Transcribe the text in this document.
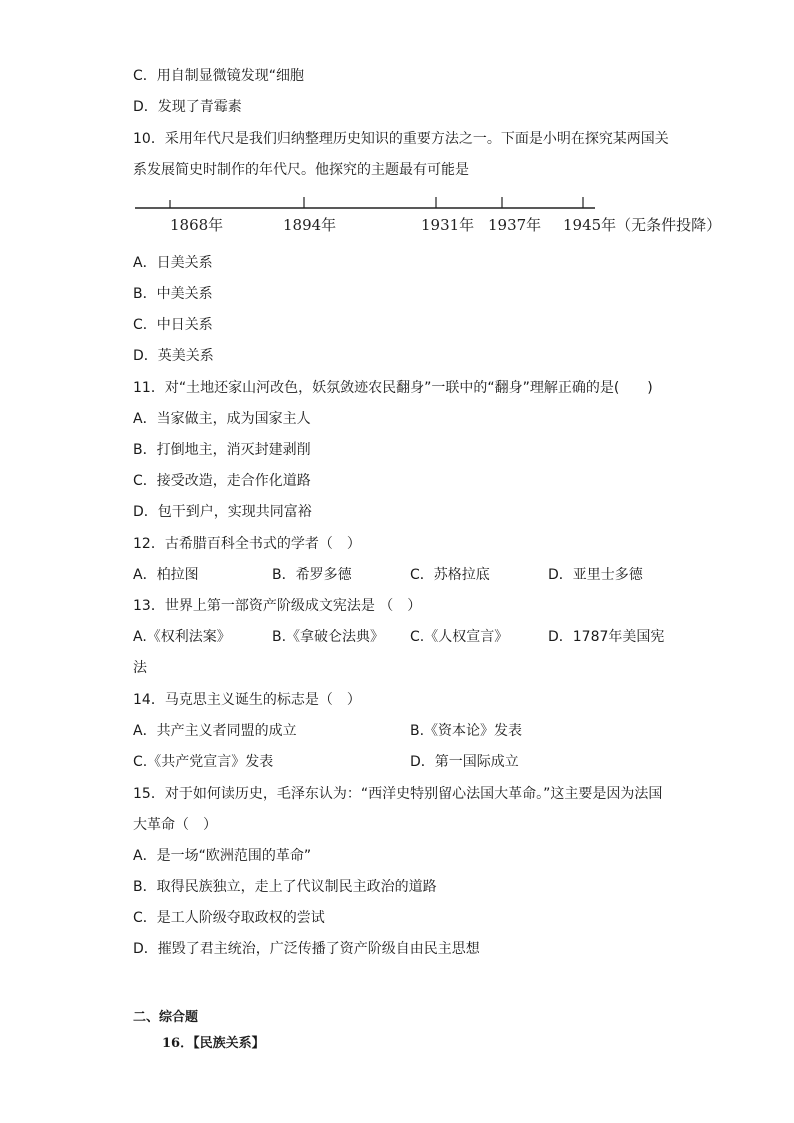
C．用自制显微镜发现“细胞
D．发现了青霉素
10．采用年代尺是我们归纳整理历史知识的重要方法之一。下面是小明在探究某两国关
系发展简史时制作的年代尺。他探究的主题最有可能是
1868年	1894年	1931年 1937年 1945年（无条件投降）
A．日美关系
B．中美关系
C．中日关系
D．英美关系
11．对“土地还家山河改色，妖氛敛迹农民翻身”一联中的“翻身”理解正确的是(　　)
A．当家做主，成为国家主人
B．打倒地主，消灭封建剥削
C．接受改造，走合作化道路
D．包干到户，实现共同富裕
12．古希腊百科全书式的学者（　）
A．柏拉图	B．希罗多德	C．苏格拉底	D．亚里士多德
13．世界上第一部资产阶级成文宪法是 （　）
A.《权利法案》	B.《拿破仑法典》 C.《人权宣言》	D．1787年美国宪
法
14．马克思主义诞生的标志是（　）
A．共产主义者同盟的成立	B.《资本论》发表
C.《共产党宣言》发表	D．第一国际成立
15．对于如何读历史，毛泽东认为：“西洋史特别留心法国大革命。”这主要是因为法国
大革命（　）
A．是一场“欧洲范围的革命”
B．取得民族独立，走上了代议制民主政治的道路
C．是工人阶级夺取政权的尝试
D．摧毁了君主统治，广泛传播了资产阶级自由民主思想
二、综合题
16．【民族关系】
